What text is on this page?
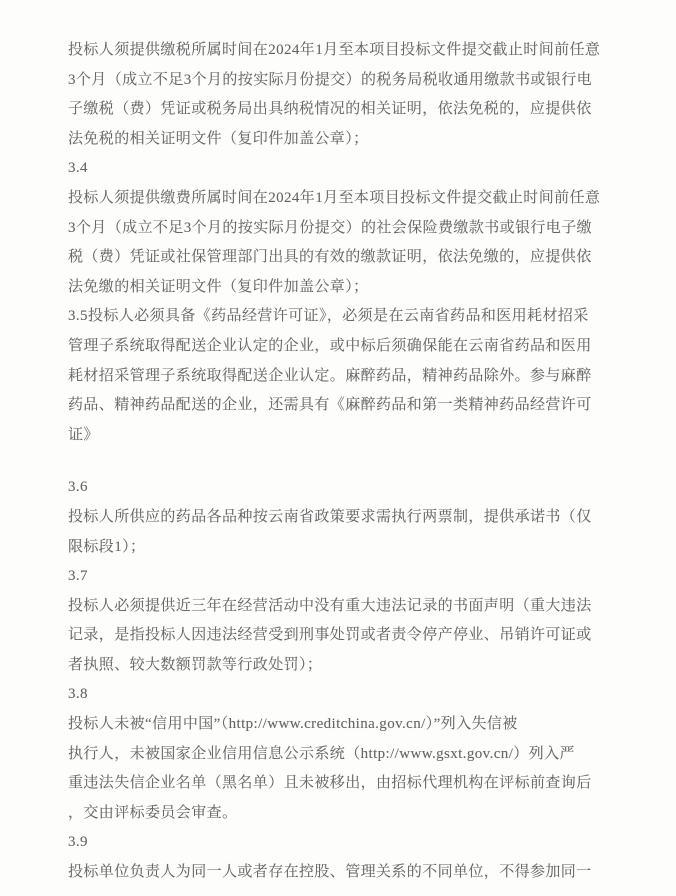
投标人须提供缴税所属时间在2024年1月至本项目投标文件提交截止时间前任意
3个月（成立不足3个月的按实际月份提交）的税务局税收通用缴款书或银行电
子缴税（费）凭证或税务局出具纳税情况的相关证明，依法免税的，应提供依
法免税的相关证明文件（复印件加盖公章）；
3.4
投标人须提供缴费所属时间在2024年1月至本项目投标文件提交截止时间前任意
3个月（成立不足3个月的按实际月份提交）的社会保险费缴款书或银行电子缴
税（费）凭证或社保管理部门出具的有效的缴款证明，依法免缴的，应提供依
法免缴的相关证明文件（复印件加盖公章）；
3.5投标人必须具备《药品经营许可证》，必须是在云南省药品和医用耗材招采
管理子系统取得配送企业认定的企业，或中标后须确保能在云南省药品和医用
耗材招采管理子系统取得配送企业认定。麻醉药品，精神药品除外。参与麻醉
药品、精神药品配送的企业，还需具有《麻醉药品和第一类精神药品经营许可
证》
3.6
投标人所供应的药品各品种按云南省政策要求需执行两票制，提供承诺书（仅
限标段1）；
3.7
投标人必须提供近三年在经营活动中没有重大违法记录的书面声明（重大违法
记录，是指投标人因违法经营受到刑事处罚或者责令停产停业、吊销许可证或
者执照、较大数额罚款等行政处罚）；
3.8
投标人未被“信用中国”（http://www.creditchina.gov.cn/）”列入失信被
执行人，未被国家企业信用信息公示系统（http://www.gsxt.gov.cn/）列入严
重违法失信企业名单（黑名单）且未被移出，由招标代理机构在评标前查询后
，交由评标委员会审查。
3.9
投标单位负责人为同一人或者存在控股、管理关系的不同单位，不得参加同一
